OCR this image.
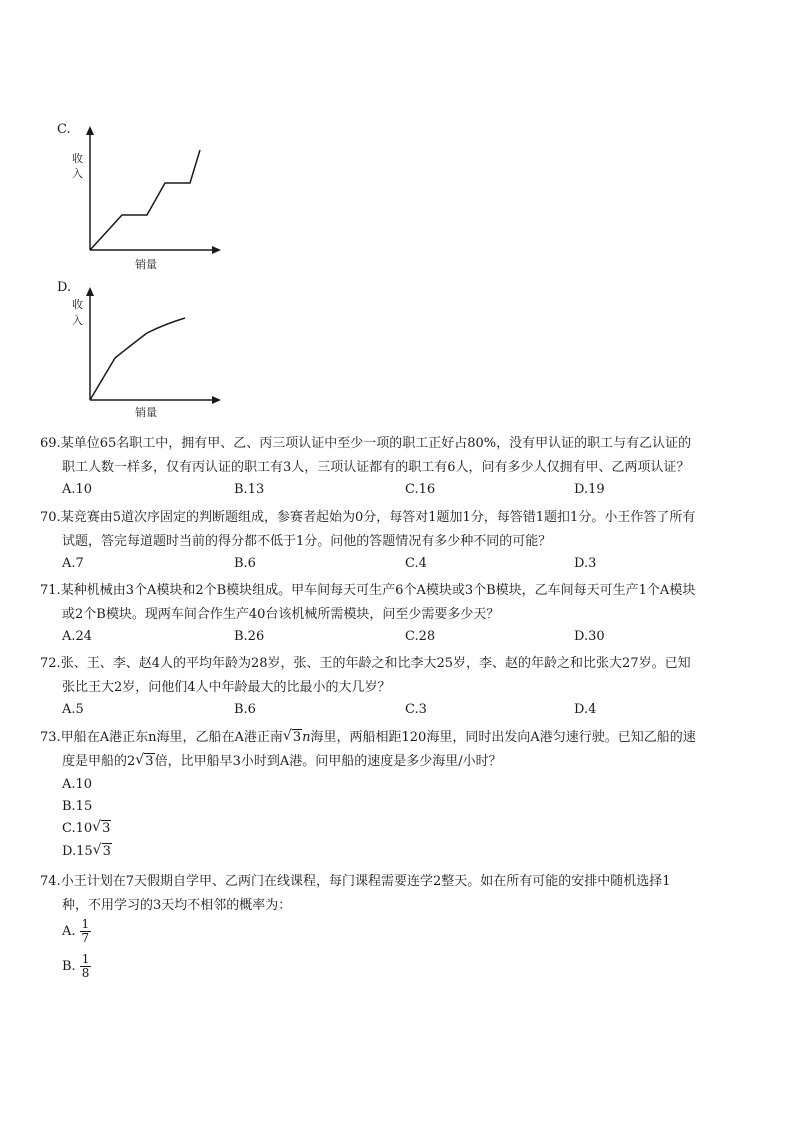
C.
收
入
销量
D.
收
入
销量
69.某单位65名职工中，拥有甲、乙、丙三项认证中至少一项的职工正好占80%，没有甲认证的职工与有乙认证的
职工人数一样多，仅有丙认证的职工有3人，三项认证都有的职工有6人，问有多少人仅拥有甲、乙两项认证？
A.10	B.13	C.16	D.19
70.某竞赛由5道次序固定的判断题组成，参赛者起始为0分，每答对1题加1分，每答错1题扣1分。小王作答了所有
试题，答完每道题时当前的得分都不低于1分。问他的答题情况有多少种不同的可能？
A.7	B.6	C.4	D.3
71.某种机械由3个A模块和2个B模块组成。甲车间每天可生产6个A模块或3个B模块，乙车间每天可生产1个A模块
或2个B模块。现两车间合作生产40台该机械所需模块，问至少需要多少天？
A.24	B.26	C.28	D.30
72.张、王、李、赵4人的平均年龄为28岁，张、王的年龄之和比李大25岁，李、赵的年龄之和比张大27岁。已知
张比王大2岁，问他们4人中年龄最大的比最小的大几岁？
A.5	B.6	C.3	D.4
73.甲船在A港正东n海里，乙船在A港正南 √ 3n海里，两船相距120海里，同时出发向A港匀速行驶。已知乙船的速
度是甲船的2 √ 3倍，比甲船早3小时到A港。问甲船的速度是多少海里/小时？
A.10
B.15
C.10 √ 3
D.15 √ 3
74.小王计划在7天假期自学甲、乙两门在线课程，每门课程需要连学2整天。如在所有可能的安排中随机选择1
种，不用学习的3天均不相邻的概率为：
A. $\frac{1}{7}$
B. $\frac{1}{8}$
